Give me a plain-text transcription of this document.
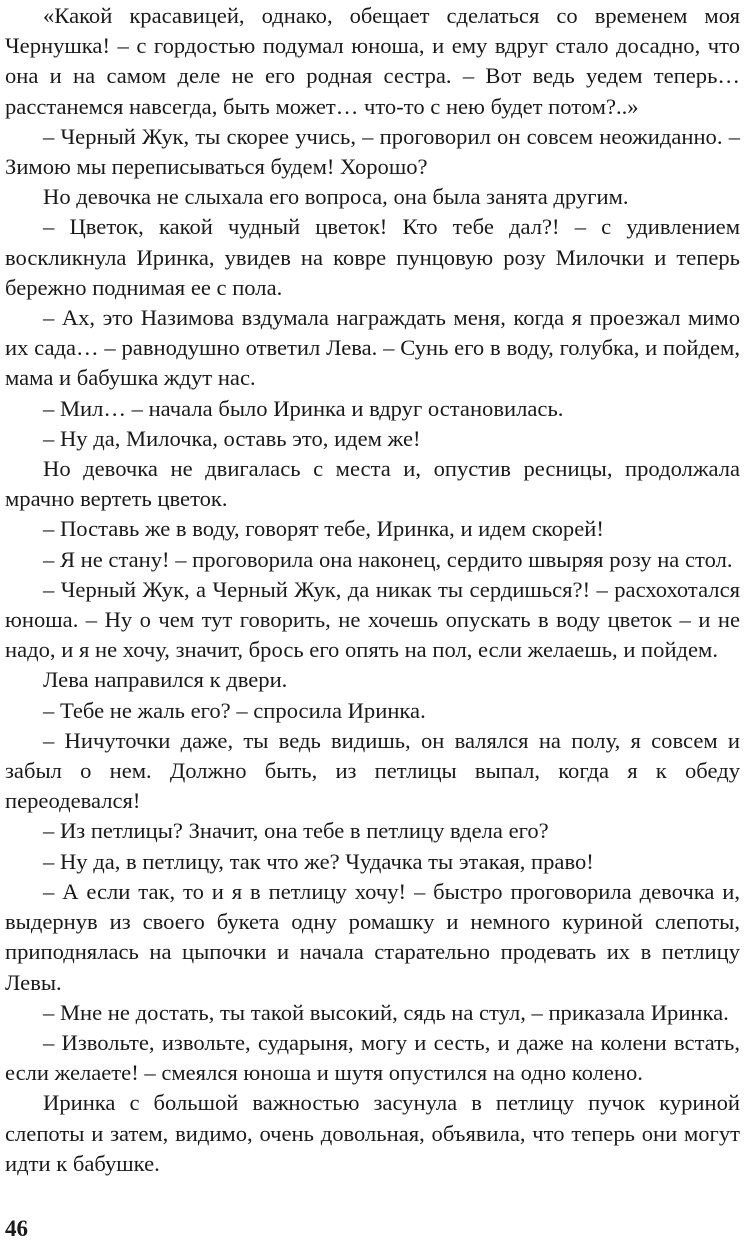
«Какой красавицей, однако, обещает сделаться со временем моя Чернушка! – с гордостью подумал юноша, и ему вдруг стало досадно, что она и на самом деле не его родная сестра. – Вот ведь уедем теперь… расстанемся навсегда, быть может… что-то с нею будет потом?..»

– Черный Жук, ты скорее учись, – проговорил он совсем неожиданно. – Зимою мы переписываться будем! Хорошо?

Но девочка не слыхала его вопроса, она была занята другим.

– Цветок, какой чудный цветок! Кто тебе дал?! – с удивлением воскликнула Иринка, увидев на ковре пунцовую розу Милочки и теперь бережно поднимая ее с пола.

– Ах, это Назимова вздумала награждать меня, когда я проезжал мимо их сада… – равнодушно ответил Лева. – Сунь его в воду, голубка, и пойдем, мама и бабушка ждут нас.

– Мил… – начала было Иринка и вдруг остановилась.

– Ну да, Милочка, оставь это, идем же!

Но девочка не двигалась с места и, опустив ресницы, продолжала мрачно вертеть цветок.

– Поставь же в воду, говорят тебе, Иринка, и идем скорей!

– Я не стану! – проговорила она наконец, сердито швыряя розу на стол.

– Черный Жук, а Черный Жук, да никак ты сердишься?! – расхохотался юноша. – Ну о чем тут говорить, не хочешь опускать в воду цветок – и не надо, и я не хочу, значит, брось его опять на пол, если желаешь, и пойдем.

Лева направился к двери.

– Тебе не жаль его? – спросила Иринка.

– Ничуточки даже, ты ведь видишь, он валялся на полу, я совсем и забыл о нем. Должно быть, из петлицы выпал, когда я к обеду переодевался!

– Из петлицы? Значит, она тебе в петлицу вдела его?

– Ну да, в петлицу, так что же? Чудачка ты этакая, право!

– А если так, то и я в петлицу хочу! – быстро проговорила девочка и, выдернув из своего букета одну ромашку и немного куриной слепоты, приподнялась на цыпочки и начала старательно продевать их в петлицу Левы.

– Мне не достать, ты такой высокий, сядь на стул, – приказала Иринка.

– Извольте, извольте, сударыня, могу и сесть, и даже на колени встать, если желаете! – смеялся юноша и шутя опустился на одно колено.

Иринка с большой важностью засунула в петлицу пучок куриной слепоты и затем, видимо, очень довольная, объявила, что теперь они могут идти к бабушке.

46
